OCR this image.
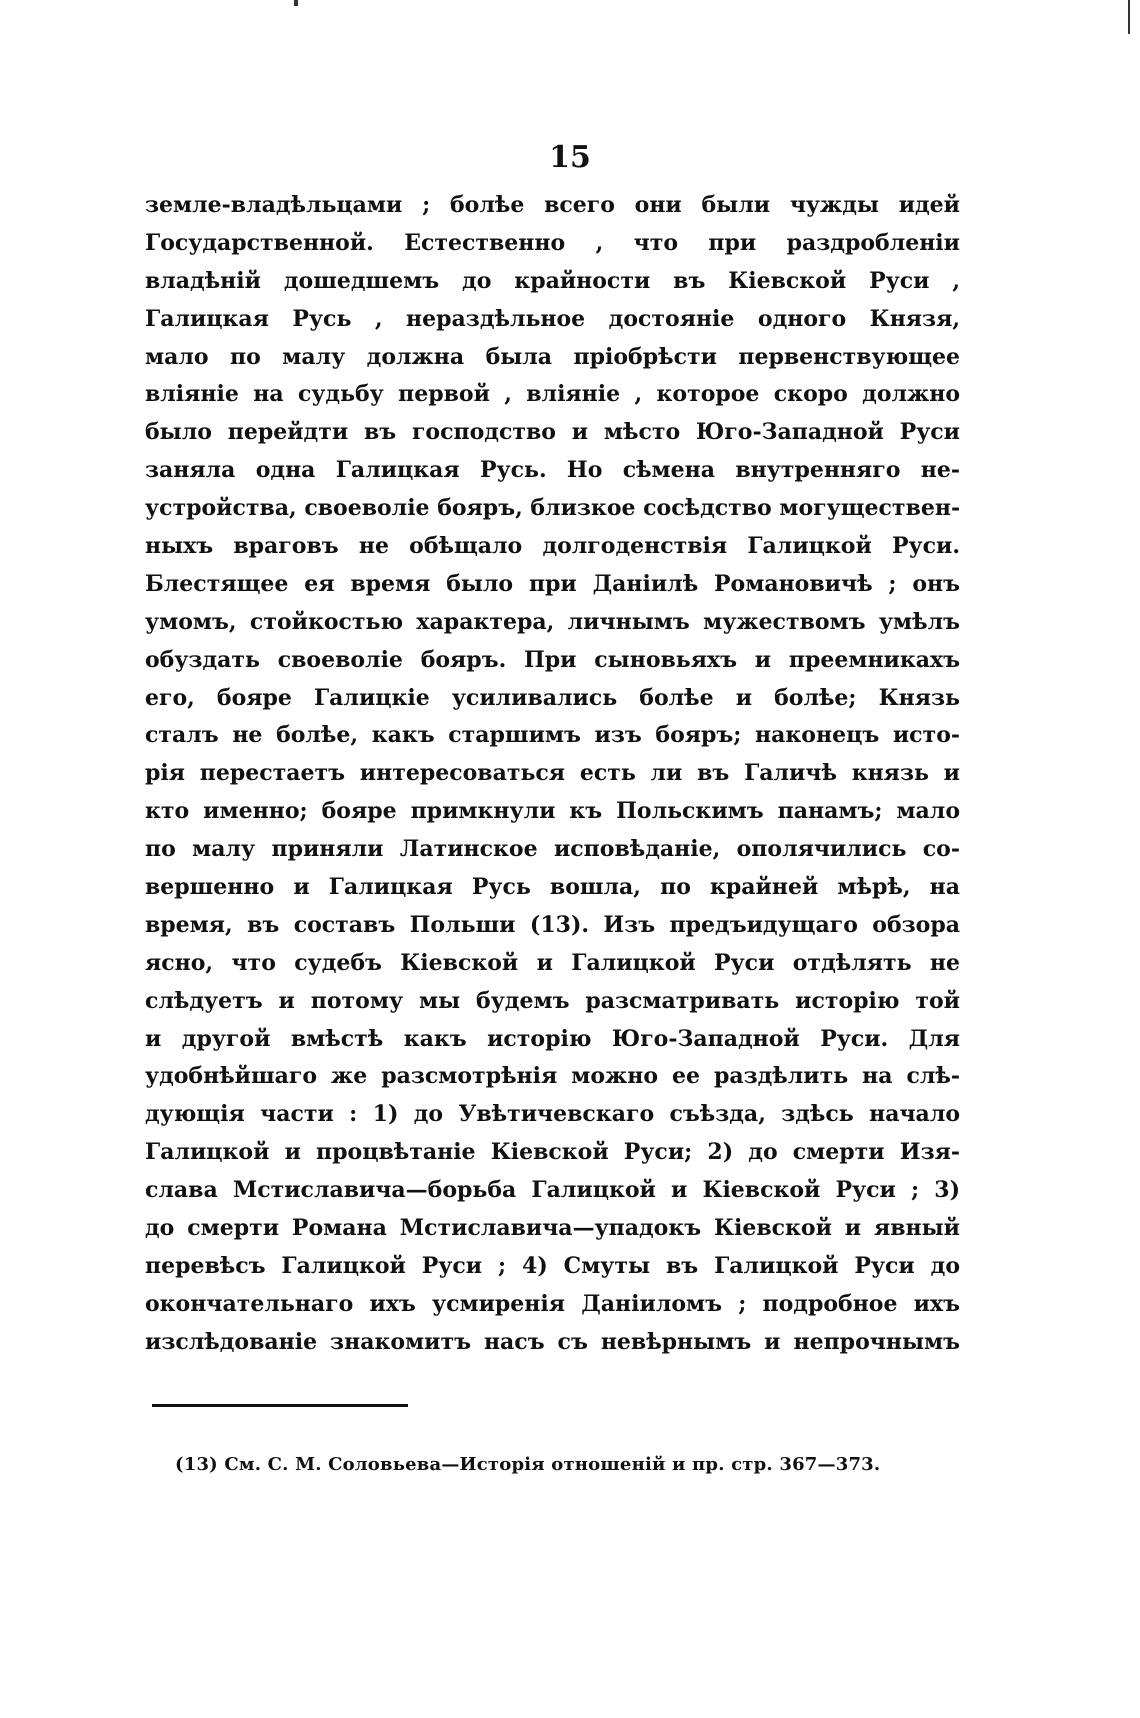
15
земле-владѣльцами ; болѣе всего они были чужды идей
Государственной. Естественно , что при раздробленіи
владѣній дошедшемъ до крайности въ Кіевской Руси ,
Галицкая Русь , нераздѣльное достояніе одного Князя,
мало по малу должна была пріобрѣсти первенствующее
вліяніе на судьбу первой , вліяніе , которое скоро должно
было перейдти въ господство и мѣсто Юго-Западной Руси
заняла одна Галицкая Русь. Но сѣмена внутренняго не-
устройства, своеволіе бояръ, близкое сосѣдство могуществен-
ныхъ враговъ не обѣщало долгоденствія Галицкой Руси.
Блестящее ея время было при Даніилѣ Романовичѣ ; онъ
умомъ, стойкостью характера, личнымъ мужествомъ умѣлъ
обуздать своеволіе бояръ. При сыновьяхъ и преемникахъ
его, бояре Галицкіе усиливались болѣе и болѣе; Князь
сталъ не болѣе, какъ старшимъ изъ бояръ; наконецъ исто-
рія перестаетъ интересоваться есть ли въ Галичѣ князь и
кто именно; бояре примкнули къ Польскимъ панамъ; мало
по малу приняли Латинское исповѣданіе, ополячились со-
вершенно и Галицкая Русь вошла, по крайней мѣрѣ, на
время, въ составъ Польши (13). Изъ предъидущаго обзора
ясно, что судебъ Кіевской и Галицкой Руси отдѣлять не
слѣдуетъ и потому мы будемъ разсматривать исторію той
и другой вмѣстѣ какъ исторію Юго-Западной Руси. Для
удобнѣйшаго же разсмотрѣнія можно ее раздѣлить на слѣ-
дующія части : 1) до Увѣтичевскаго съѣзда, здѣсь начало
Галицкой и процвѣтаніе Кіевской Руси; 2) до смерти Изя-
слава Мстиславича—борьба Галицкой и Кіевской Руси ; 3)
до смерти Романа Мстиславича—упадокъ Кіевской и явный
перевѣсъ Галицкой Руси ; 4) Смуты въ Галицкой Руси до
окончательнаго ихъ усмиренія Даніиломъ ; подробное ихъ
изслѣдованіе знакомитъ насъ съ невѣрнымъ и непрочнымъ
(13) См. С. М. Соловьева—Исторія отношеній и пр. стр. 367—373.
